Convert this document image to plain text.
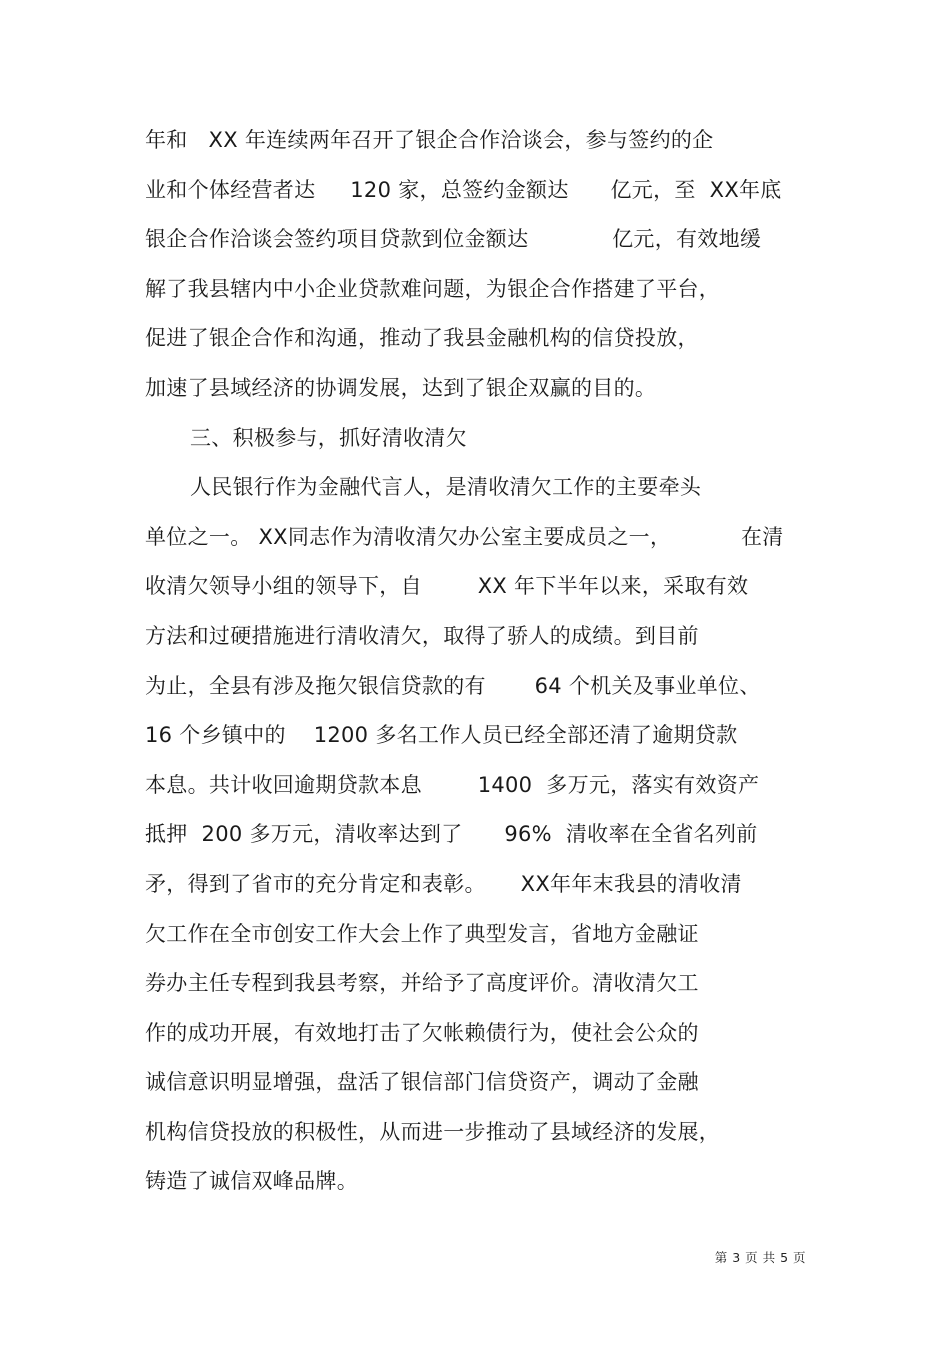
年和   XX 年连续两年召开了银企合作洽谈会，参与签约的企
业和个体经营者达     120 家，总签约金额达      亿元，至  XX年底
银企合作洽谈会签约项目贷款到位金额达            亿元，有效地缓
解了我县辖内中小企业贷款难问题，为银企合作搭建了平台，
促进了银企合作和沟通，推动了我县金融机构的信贷投放，
加速了县域经济的协调发展，达到了银企双赢的目的。
三、积极参与，抓好清收清欠
人民银行作为金融代言人，是清收清欠工作的主要牵头
单位之一。 XX同志作为清收清欠办公室主要成员之一，          在清
收清欠领导小组的领导下，自        XX 年下半年以来，采取有效
方法和过硬措施进行清收清欠，取得了骄人的成绩。到目前
为止，全县有涉及拖欠银信贷款的有       64 个机关及事业单位、
16 个乡镇中的    1200 多名工作人员已经全部还清了逾期贷款
本息。共计收回逾期贷款本息        1400  多万元，落实有效资产
抵押  200 多万元，清收率达到了      96%  清收率在全省名列前
矛，得到了省市的充分肯定和表彰。     XX年年末我县的清收清
欠工作在全市创安工作大会上作了典型发言，省地方金融证
券办主任专程到我县考察，并给予了高度评价。清收清欠工
作的成功开展，有效地打击了欠帐赖债行为，使社会公众的
诚信意识明显增强，盘活了银信部门信贷资产，调动了金融
机构信贷投放的积极性，从而进一步推动了县域经济的发展，
铸造了诚信双峰品牌。
第 3 页 共 5 页
